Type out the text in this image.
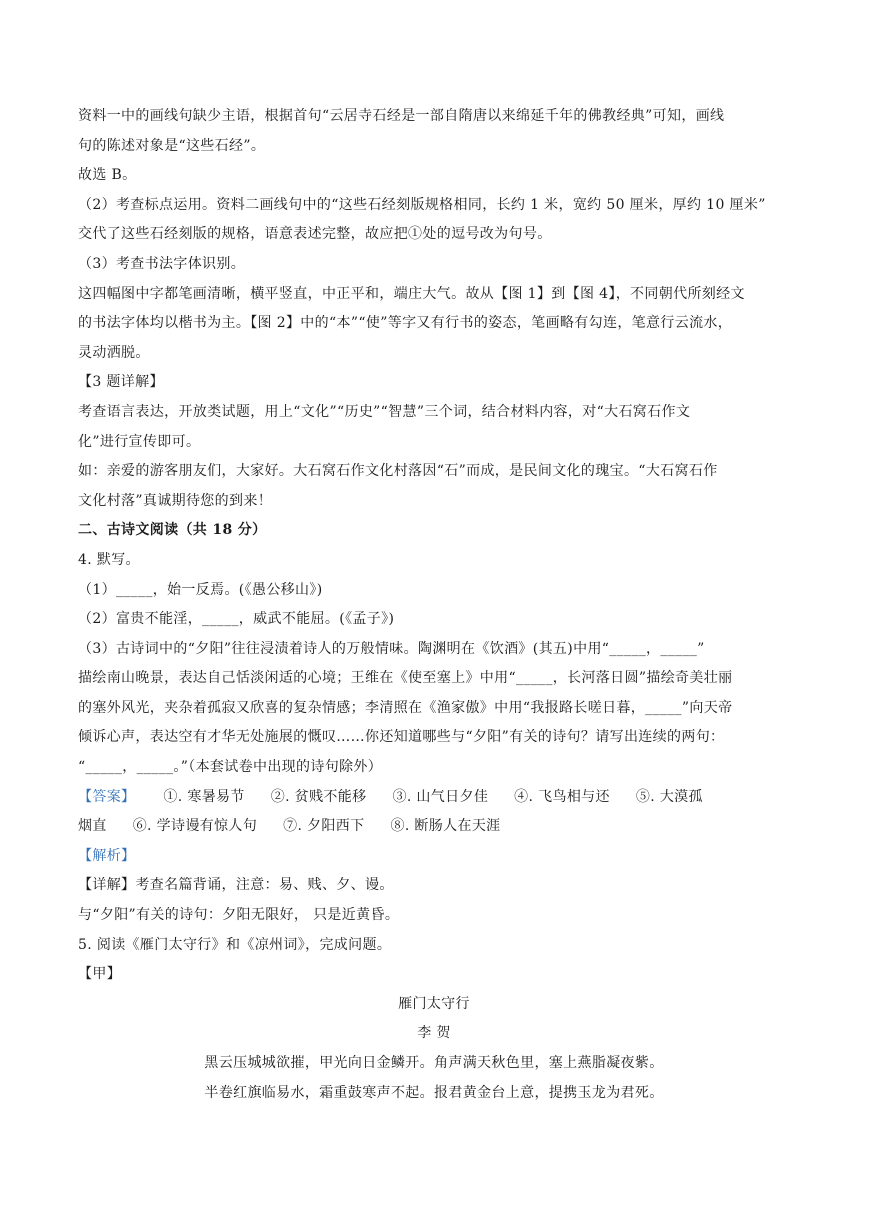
资料一中的画线句缺少主语，根据首句“云居寺石经是一部自隋唐以来绵延千年的佛教经典”可知，画线
句的陈述对象是“这些石经”。
故选 B。
（2）考查标点运用。资料二画线句中的“这些石经刻版规格相同，长约 1 米，宽约 50 厘米，厚约 10 厘米”
交代了这些石经刻版的规格，语意表述完整，故应把①处的逗号改为句号。
（3）考查书法字体识别。
这四幅图中字都笔画清晰，横平竖直，中正平和，端庄大气。故从【图 1】到【图 4】，不同朝代所刻经文
的书法字体均以楷书为主。【图 2】中的“本”“使”等字又有行书的姿态，笔画略有勾连，笔意行云流水，
灵动洒脱。
【3 题详解】
考查语言表达，开放类试题，用上“文化”“历史”“智慧”三个词，结合材料内容，对“大石窝石作文
化”进行宣传即可。
如：亲爱的游客朋友们，大家好。大石窝石作文化村落因“石”而成，是民间文化的瑰宝。“大石窝石作
文化村落”真诚期待您的到来！
二、古诗文阅读（共 18 分）
4. 默写。
（1）_____，始一反焉。(《愚公移山》)
（2）富贵不能淫，_____，威武不能屈。(《孟子》)
（3）古诗词中的“夕阳”往往浸渍着诗人的万般情味。陶渊明在《饮酒》(其五)中用“_____，_____”
描绘南山晚景，表达自己恬淡闲适的心境；王维在《使至塞上》中用“_____，长河落日圆”描绘奇美壮丽
的塞外风光，夹杂着孤寂又欣喜的复杂情感；李清照在《渔家傲》中用“我报路长嗟日暮，_____”向天帝
倾诉心声，表达空有才华无处施展的慨叹……你还知道哪些与“夕阳”有关的诗句？请写出连续的两句：
“_____，_____。”（本套试卷中出现的诗句除外）
【答案】 ①. 寒暑易节 ②. 贫贱不能移 ③. 山气日夕佳 ④. 飞鸟相与还 ⑤. 大漠孤
烟直 ⑥. 学诗谩有惊人句 ⑦. 夕阳西下 ⑧. 断肠人在天涯
【解析】
【详解】考查名篇背诵，注意：易、贱、夕、谩。
与“夕阳”有关的诗句：夕阳无限好， 只是近黄昏。
5. 阅读《雁门太守行》和《凉州词》，完成问题。
【甲】
雁门太守行
李 贺
黑云压城城欲摧，甲光向日金鳞开。角声满天秋色里，塞上燕脂凝夜紫。
半卷红旗临易水，霜重鼓寒声不起。报君黄金台上意，提携玉龙为君死。
